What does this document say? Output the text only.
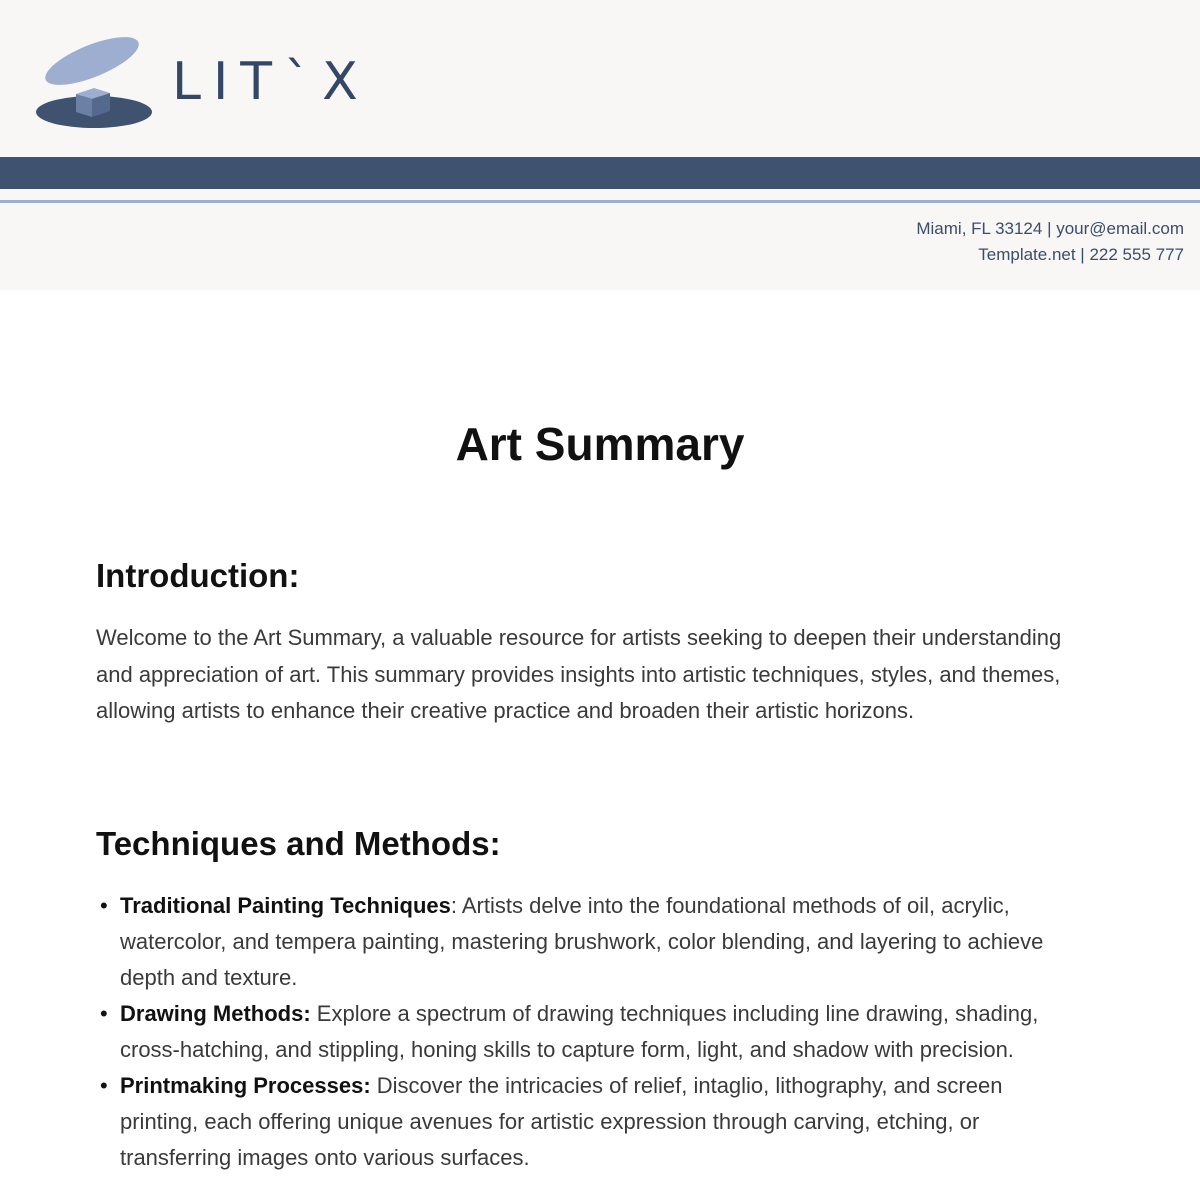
LIT`X
Miami, FL 33124 | your@email.com
Template.net | 222 555 777
Art Summary
Introduction:

Welcome to the Art Summary, a valuable resource for artists seeking to deepen their understanding and appreciation of art. This summary provides insights into artistic techniques, styles, and themes, allowing artists to enhance their creative practice and broaden their artistic horizons.

Techniques and Methods:
• Traditional Painting Techniques: Artists delve into the foundational methods of oil, acrylic, watercolor, and tempera painting, mastering brushwork, color blending, and layering to achieve depth and texture.
• Drawing Methods: Explore a spectrum of drawing techniques including line drawing, shading, cross-hatching, and stippling, honing skills to capture form, light, and shadow with precision.
• Printmaking Processes: Discover the intricacies of relief, intaglio, lithography, and screen printing, each offering unique avenues for artistic expression through carving, etching, or transferring images onto various surfaces.
